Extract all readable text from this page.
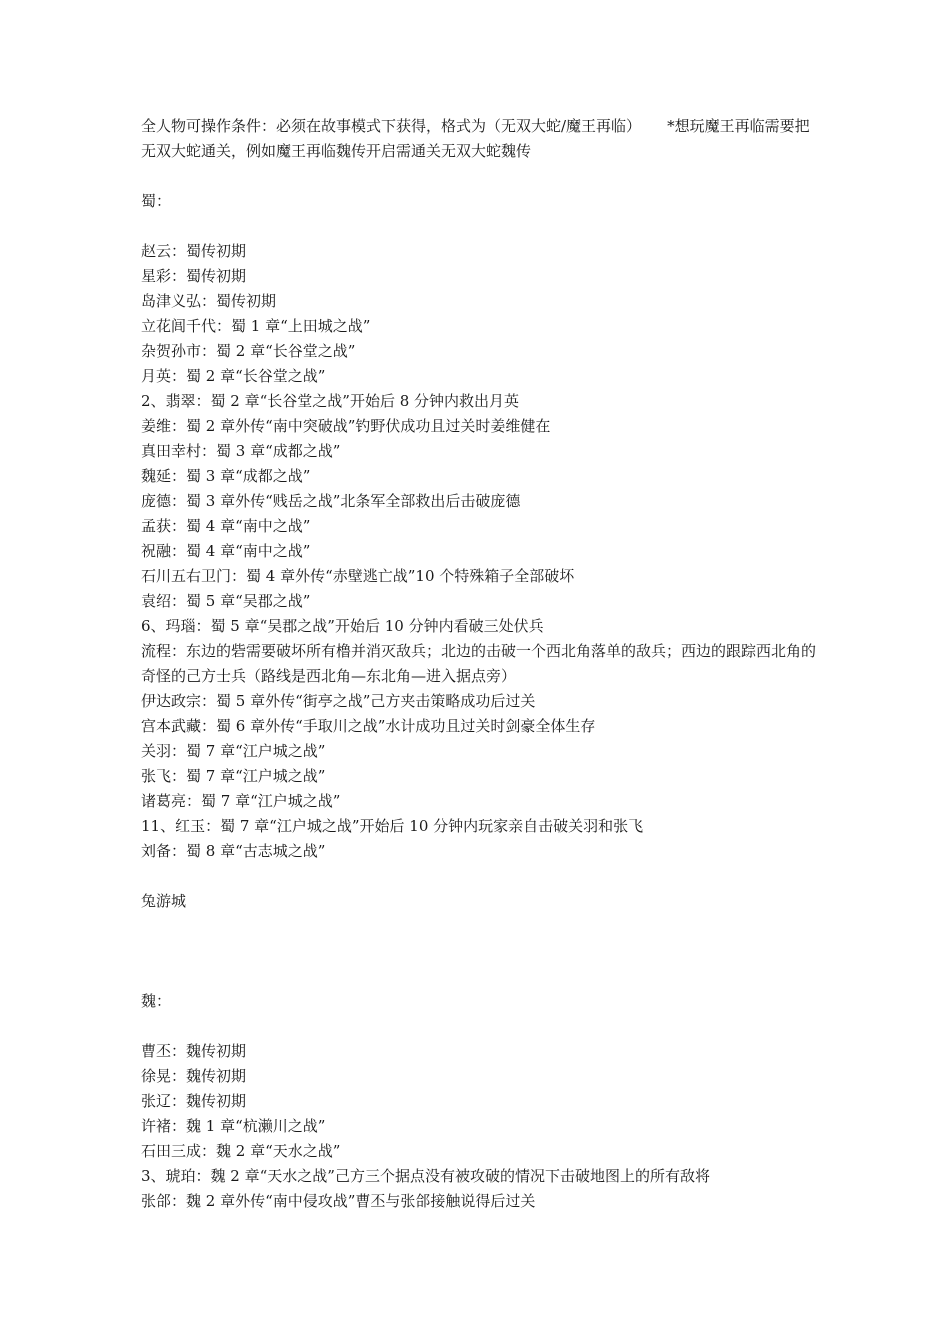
全人物可操作条件：必须在故事模式下获得，格式为（无双大蛇/魔王再临） *想玩魔王再临需要把无双大蛇通关，例如魔王再临魏传开启需通关无双大蛇魏传
蜀：
赵云：蜀传初期
星彩：蜀传初期
岛津义弘：蜀传初期
立花闾千代：蜀 1 章“上田城之战”
杂贺孙市：蜀 2 章“长谷堂之战”
月英：蜀 2 章“长谷堂之战”
2、翡翠：蜀 2 章“长谷堂之战”开始后 8 分钟内救出月英
姜维：蜀 2 章外传“南中突破战”钓野伏成功且过关时姜维健在
真田幸村：蜀 3 章“成都之战”
魏延：蜀 3 章“成都之战”
庞德：蜀 3 章外传“贱岳之战”北条军全部救出后击破庞德
孟获：蜀 4 章“南中之战”
祝融：蜀 4 章“南中之战”
石川五右卫门：蜀 4 章外传“赤壁逃亡战”10 个特殊箱子全部破坏
袁绍：蜀 5 章“吴郡之战”
6、玛瑙：蜀 5 章“吴郡之战”开始后 10 分钟内看破三处伏兵
流程：东边的砦需要破坏所有橹并消灭敌兵；北边的击破一个西北角落单的敌兵；西边的跟踪西北角的奇怪的己方士兵（路线是西北角—东北角—进入据点旁）
伊达政宗：蜀 5 章外传“街亭之战”己方夹击策略成功后过关
宫本武藏：蜀 6 章外传“手取川之战”水计成功且过关时剑豪全体生存
关羽：蜀 7 章“江户城之战”
张飞：蜀 7 章“江户城之战”
诸葛亮：蜀 7 章“江户城之战”
11、红玉：蜀 7 章“江户城之战”开始后 10 分钟内玩家亲自击破关羽和张飞
刘备：蜀 8 章“古志城之战”
兔游城
魏：
曹丕：魏传初期
徐晃：魏传初期
张辽：魏传初期
许褚：魏 1 章“杭濑川之战”
石田三成：魏 2 章“天水之战”
3、琥珀：魏 2 章“天水之战”己方三个据点没有被攻破的情况下击破地图上的所有敌将
张郃：魏 2 章外传“南中侵攻战”曹丕与张郃接触说得后过关
